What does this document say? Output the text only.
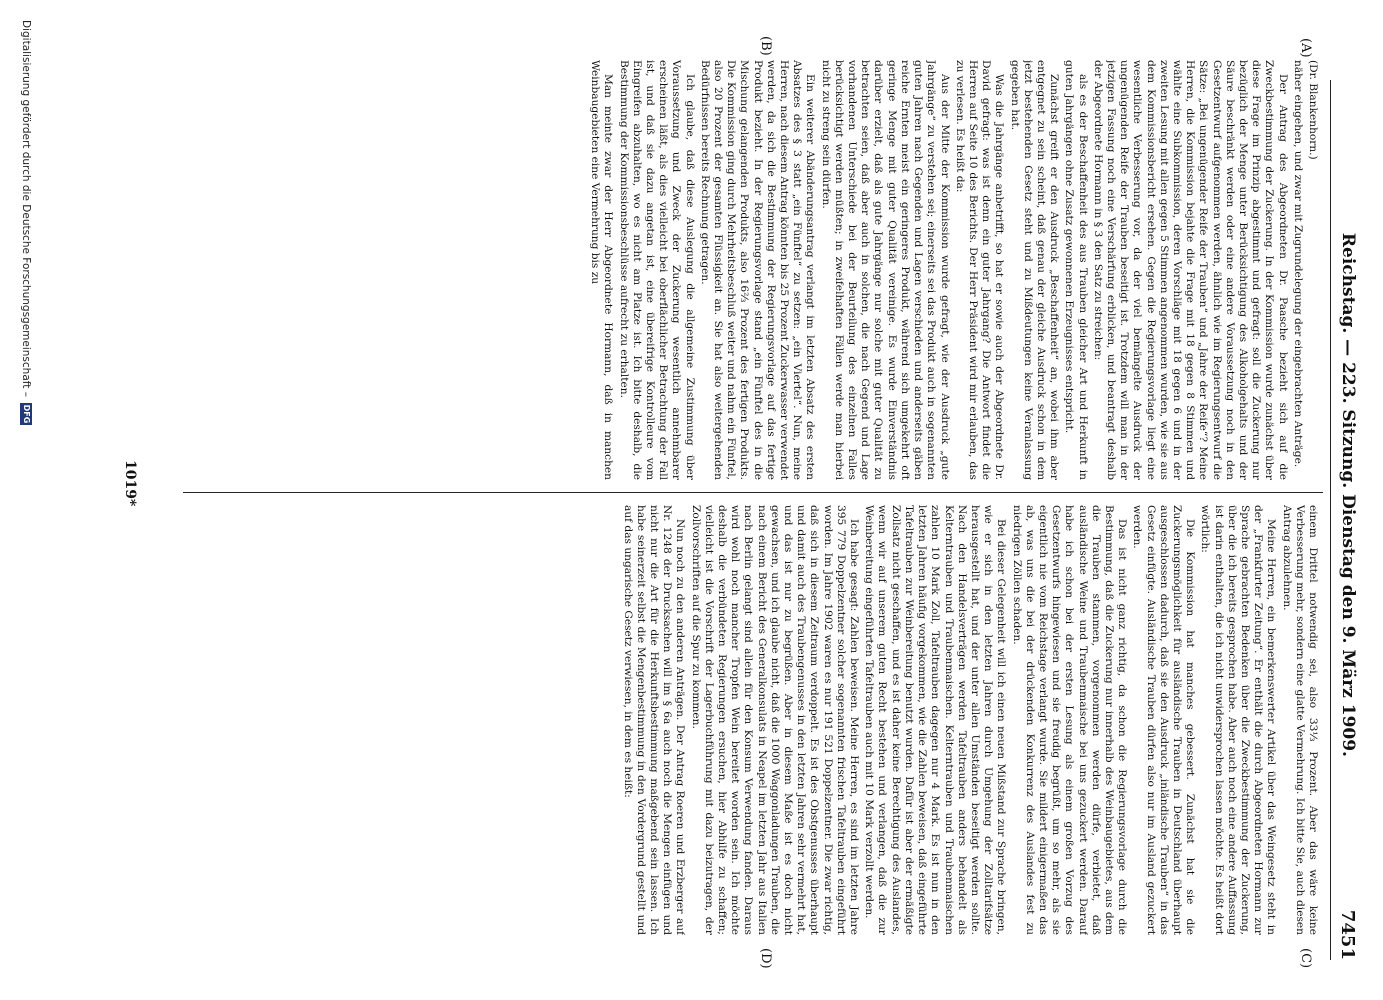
Reichstag. — 223. Sitzung. Dienstag den 9. März 1909.
7451
(A)
(B)
(C)
(D)

(Dr. Blankenhorn.)

näher eingehen, und zwar mit Zugrundelegung der eingebrachten Anträge.

Der Antrag des Abgeordneten Dr. Paasche bezieht sich auf die Zweckbestimmung der Zuckerung. In der Kommission wurde zunächst über diese Frage im Prinzip abgestimmt und gefragt: soll die Zuckerung nur bezüglich der Menge unter Berücksichtigung des Alkoholgehalts und der Säure beschränkt werden oder eine andere Voraussetzung noch in den Gesetzentwurf aufgenommen werden, ähnlich wie im Regierungsentwurf die Sätze: „Bei ungenügender Reife der Trauben“ und „Jahre der Reife“? Meine Herren, die Kommission bejahte die Frage mit 18 gegen 8 Stimmen und wählte eine Subkommission, deren Vorschläge mit 18 gegen 6 und in der zweiten Lesung mit allen gegen 5 Stimmen angenommen wurden, wie sie aus dem Kommissionsbericht ersehen. Gegen die Regierungsvorlage liegt eine wesentliche Verbesserung vor, da der viel bemängelte Ausdruck der ungenügenden Reife der Trauben beseitigt ist. Trotzdem will man in der jetzigen Fassung noch eine Verschärfung erblicken, und beantragt deshalb der Abgeordnete Hormann in § 3 den Satz zu streichen:

als es der Beschaffenheit des aus Trauben gleicher Art und Herkunft in guten Jahrgängen ohne Zusatz gewonnenen Erzeugnisses entspricht.

Zunächst greift er den Ausdruck „Beschaffenheit“ an, wobei ihm aber entgegnet zu sein scheint, daß genau der gleiche Ausdruck schon in dem jetzt bestehenden Gesetz steht und zu Mißdeutungen keine Veranlassung gegeben hat.

Was die Jahrgänge anbetrifft, so hat er sowie auch der Abgeordnete Dr. David gefragt: was ist denn ein guter Jahrgang? Die Antwort findet die Herren auf Seite 10 des Berichts. Der Herr Präsident wird mir erlauben, das zu verlesen. Es heißt da:

Aus der Mitte der Kommission wurde gefragt, wie der Ausdruck „gute Jahrgänge“ zu verstehen sei; einerseits sei das Produkt auch in sogenannten guten Jahren nach Gegenden und Lagen verschieden und anderseits gäben reiche Ernten meist ein geringeres Produkt, während sich umgekehrt oft geringe Menge mit guter Qualität vereinige. Es wurde Einverständnis darüber erzielt, daß als gute Jahrgänge nur solche mit guter Qualität zu betrachten seien, daß aber auch in solchen, die nach Gegend und Lage vorhandenen Unterschiede bei der Beurteilung des einzelnen Falles berücksichtigt werden müßten; in zweifelhaften Fällen werde man hierbei nicht zu streng sein dürfen.

Ein weiterer Abänderungsantrag verlangt im letzten Absatz des ersten Absatzes des § 3 statt „ein Fünftel“ zu setzen: „ein Viertel“. Nun, meine Herren, nach diesem Antrag könnten bis 25 Prozent Zuckerwasser verwendet werden, da sich die Bestimmung der Regierungsvorlage auf das fertige Produkt bezieht. In der Regierungsvorlage stand „ein Fünftel des in die Mischung gelangenden Produkts, also 16⅔ Prozent des fertigen Produkts. Die Kommission ging durch Mehrheitsbeschluß weiter und nahm ein Fünftel, also 20 Prozent der gesamten Flüssigkeit an. Sie hat also weitergehenden Bedürfnissen bereits Rechnung getragen.

Ich glaube, daß diese Auslegung die allgemeine Zustimmung über Voraussetzung und Zweck der Zuckerung wesentlich annehmbarer erscheinen läßt, als dies vielleicht bei oberflächlicher Betrachtung der Fall ist, und daß sie dazu angetan ist, eine übereifrige Kontrolleure vom Eingreifen abzuhalten, wo es nicht am Platze ist. Ich bitte deshalb, die Bestimmung der Kommissionsbeschlüsse aufrecht zu erhalten.

Man meinte zwar der Herr Abgeordnete Hormann, daß in manchen Weinbaugebieten eine Vermehrung bis zu

einem Drittel notwendig sei, also 33⅓ Prozent. Aber das wäre keine Verbesserung mehr, sondern eine glatte Vermehrung. Ich bitte Sie, auch diesen Antrag abzulehnen.

Meine Herren, ein bemerkenswerter Artikel über das Weingesetz steht in der „Frankfurter Zeitung“. Er enthält die durch Abgeordneten Hormann zur Sprache gebrachten Bedenken über die Zweckbestimmung der Zuckerung, über die ich bereits gesprochen habe. Aber auch noch eine andere Auffassung ist darin enthalten, die ich nicht unwidersprochen lassen möchte. Es heißt dort wörtlich:

Die Kommission hat manches gebessert. Zunächst hat sie die Zuckerungsmöglichkeit für ausländische Trauben in Deutschland überhaupt ausgeschlossen dadurch, daß sie den Ausdruck „inländische Trauben“ in das Gesetz einfügte. Ausländische Trauben dürfen also nur im Ausland gezuckert werden.

Das ist nicht ganz richtig, da schon die Regierungsvorlage durch die Bestimmung, daß die Zuckerung nur innerhalb des Weinbaugebietes, aus dem die Trauben stammen, vorgenommen werden dürfe, verbietet, daß ausländische Weine und Traubenmaische bei uns gezuckert werden. Darauf habe ich schon bei der ersten Lesung als einem großen Vorzug des Gesetzentwurfs hingewiesen und sie freudig begrüßt, um so mehr, als sie eigentlich nie vom Reichstage verlangt wurde. Sie mildert einigermaßen das ab, was uns die bei der drückenden Konkurrenz des Auslandes fest zu niedrigen Zöllen schaden.

Bei dieser Gelegenheit will ich einen neuen Mißstand zur Sprache bringen, wie er sich in den letzten Jahren durch Umgehung der Zolltarifsätze herausgestellt hat, und der unter allen Umständen beseitigt werden sollte. Nach den Handelsverträgen werden Tafeltrauben anders behandelt als Kelterntrauben und Traubenmaischen. Kelterntrauben und Traubenmaischen zahlen 10 Mark Zoll, Tafeltrauben dagegen nur 4 Mark. Es ist nun in den letzten Jahren häufig vorgekommen, wie die Zahlen beweisen, daß eingeführte Tafeltrauben zur Weinbereitung benutzt wurden. Dafür ist aber der ermäßigte Zollsatz nicht geschaffen, und es ist daher keine Berechtigung des Auslandes, wenn wir auf unserem guten Recht bestehen und verlangen, daß die zur Weinbereitung eingeführten Tafeltrauben auch mit 10 Mark verzollt werden.

Ich habe gesagt: Zahlen beweisen. Meine Herren, es sind im letzten Jahre 395 779 Doppelzentner solcher sogenannten frischen Tafeltrauben eingeführt worden. Im Jahre 1902 waren es nur 191 521 Doppelzentner. Die zwar richtig, daß sich in diesem Zeitraum verdoppelt. Es ist des Obstgenusses überhaupt und damit auch des Traubengenusses in den letzten Jahren sehr vermehrt hat, und das ist nur zu begrüßen. Aber in diesem Maße ist es doch nicht gewachsen, und ich glaube nicht, daß die 1000 Waggonladungen Trauben, die nach einem Bericht des Generalkonsulats in Neapel im letzten Jahr aus Italien nach Berlin gelangt sind allein für den Konsum Verwendung fanden. Daraus wird wohl noch mancher Tropfen Wein bereitet worden sein. Ich möchte deshalb die verbündeten Regierungen ersuchen, hier Abhilfe zu schaffen; vielleicht ist die Vorschrift der Lagerbuchführung mit dazu beizutragen, der Zollvorschriften auf die Spur zu kommen.

Nun noch zu den anderen Anträgen. Der Antrag Roeren und Erzberger auf Nr. 1248 der Drucksachen will im § 6a auch noch die Mengen einfügen und nicht nur die Art für die Herkunftsbestimmung maßgebend sein lassen. Ich habe seinerzeit selbst die Mengenbestimmung in den Vordergrund gestellt und auf das ungarische Gesetz verwiesen, in dem es heißt:

1019*
Digitalisierung gefördert durch die Deutsche Forschungsgemeinschaft –
DFG
